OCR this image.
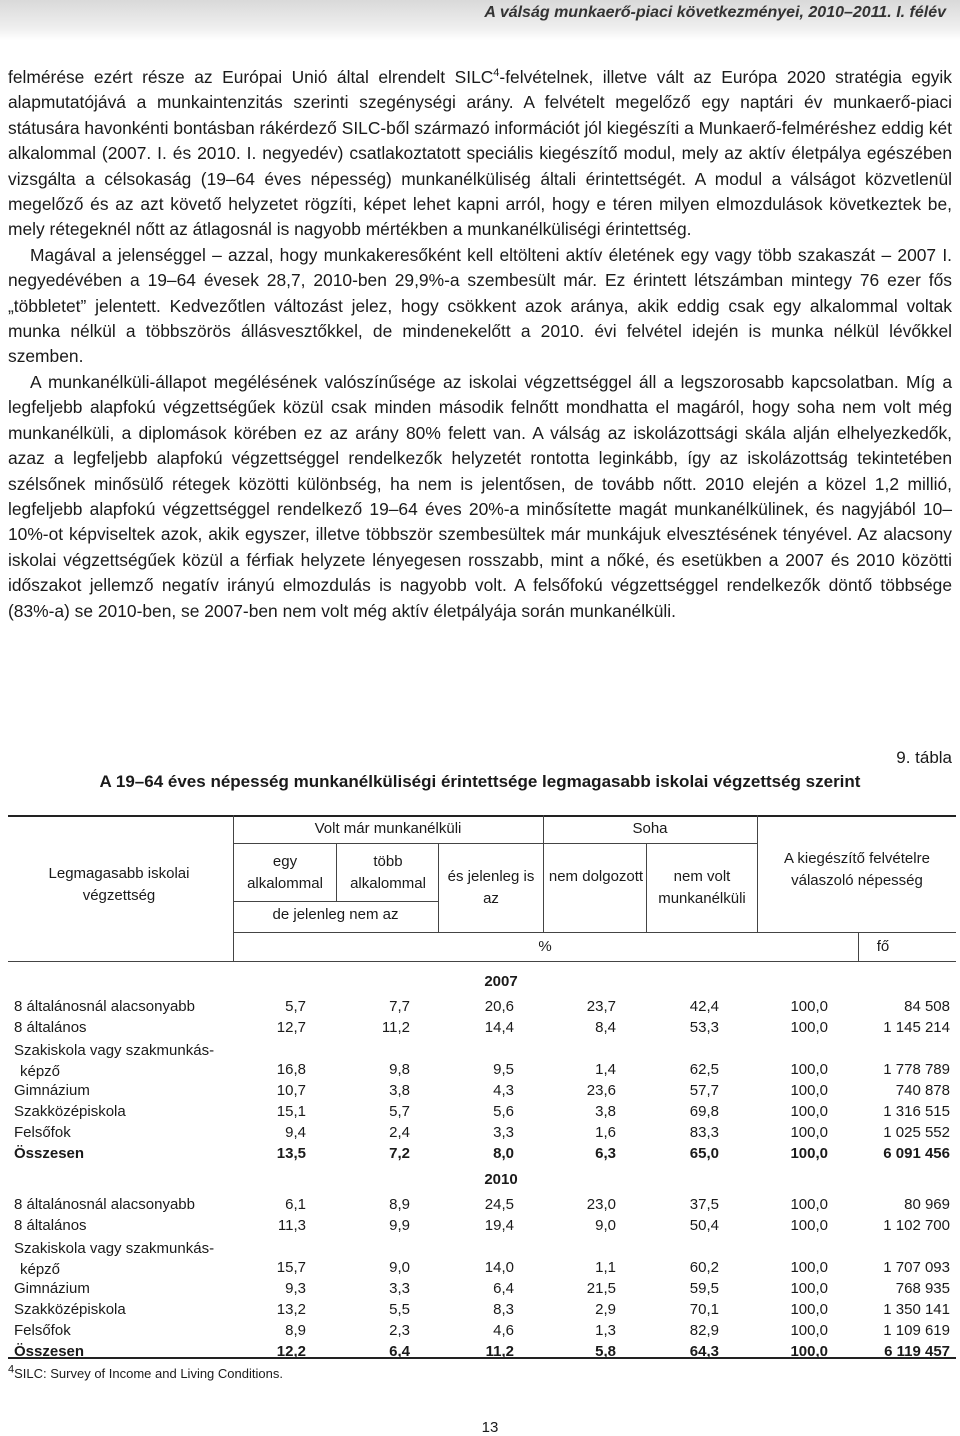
A válság munkaerő-piaci következményei, 2010–2011. I. félév

felmérése ezért része az Európai Unió által elrendelt SILC$^4$-felvételnek, illetve vált az Európa 2020 stratégia egyik alapmutatójává a munkaintenzitás szerinti szegénységi arány. A felvételt megelőző egy naptári év munkaerő-piaci státusára havonkénti bontásban rákérdező SILC-ből származó információt jól kiegészíti a Munkaerő-felméréshez eddig két alkalommal (2007. I. és 2010. I. negyedév) csatlakoztatott speciális kiegészítő modul, mely az aktív életpálya egészében vizsgálta a célsokaság (19–64 éves népesség) munkanélküliség általi érintettségét. A modul a válságot közvetlenül megelőző és az azt követő helyzetet rögzíti, képet lehet kapni arról, hogy e téren milyen elmozdulások következtek be, mely rétegeknél nőtt az átlagosnál is nagyobb mértékben a munkanélküliségi érintettség.

Magával a jelenséggel – azzal, hogy munkakeresőként kell eltölteni aktív életének egy vagy több szakaszát – 2007 I. negyedévében a 19–64 évesek 28,7, 2010-ben 29,9%-a szembesült már. Ez érintett létszámban mintegy 76 ezer fős „többletet” jelentett. Kedvezőtlen változást jelez, hogy csökkent azok aránya, akik eddig csak egy alkalommal voltak munka nélkül a többszörös állásvesztőkkel, de mindenekelőtt a 2010. évi felvétel idején is munka nélkül lévőkkel szemben.

A munkanélküli-állapot megélésének valószínűsége az iskolai végzettséggel áll a legszorosabb kapcsolatban. Míg a legfeljebb alapfokú végzettségűek közül csak minden második felnőtt mondhatta el magáról, hogy soha nem volt még munkanélküli, a diplomások körében ez az arány 80% felett van. A válság az iskolázottsági skála alján elhelyezkedők, azaz a legfeljebb alapfokú végzettséggel rendelkezők helyzetét rontotta leginkább, így az iskolázottság tekintetében szélsőnek minősülő rétegek közötti különbség, ha nem is jelentősen, de tovább nőtt. 2010 elején a közel 1,2 millió, legfeljebb alapfokú végzettséggel rendelkező 19–64 éves 20%-a minősítette magát munkanélkülinek, és nagyjából 10–10%-ot képviseltek azok, akik egyszer, illetve többször szembesültek már munkájuk elvesztésének tényével. Az alacsony iskolai végzettségűek közül a férfiak helyzete lényegesen rosszabb, mint a nőké, és esetükben a 2007 és 2010 közötti időszakot jellemző negatív irányú elmozdulás is nagyobb volt. A felsőfokú végzettséggel rendelkezők döntő többsége (83%-a) se 2010-ben, se 2007-ben nem volt még aktív életpályája során munkanélküli.

9. tábla
A 19–64 éves népesség munkanélküliségi érintettsége legmagasabb iskolai végzettség szerint
Legmagasabb iskolai végzettség
Volt már munkanélküli	Soha
egy alkalommal
több alkalommal	és jelenleg is az
nem dolgozott	nem volt munkanélküli
A kiegészítő felvételre válaszoló népesség
de jelenleg nem az
%	fő
2007
8 általánosnál alacsonyabb	5,7	7,7	20,6	23,7	42,4	100,0	84 508
8 általános	12,7	11,2	14,4	8,4	53,3	100,0	1 145 214
Szakiskola vagy szakmunkás-
képző	16,8	9,8	9,5	1,4	62,5	100,0	1 778 789
Gimnázium	10,7	3,8	4,3	23,6	57,7	100,0	740 878
Szakközépiskola	15,1	5,7	5,6	3,8	69,8	100,0	1 316 515
Felsőfok	9,4	2,4	3,3	1,6	83,3	100,0	1 025 552
Összesen	13,5	7,2	8,0	6,3	65,0	100,0	6 091 456
2010
8 általánosnál alacsonyabb	6,1	8,9	24,5	23,0	37,5	100,0	80 969
8 általános	11,3	9,9	19,4	9,0	50,4	100,0	1 102 700
Szakiskola vagy szakmunkás-
képző	15,7	9,0	14,0	1,1	60,2	100,0	1 707 093
Gimnázium	9,3	3,3	6,4	21,5	59,5	100,0	768 935
Szakközépiskola	13,2	5,5	8,3	2,9	70,1	100,0	1 350 141
Felsőfok	8,9	2,3	4,6	1,3	82,9	100,0	1 109 619
Összesen	12,2	6,4	11,2	5,8	64,3	100,0	6 119 457
$^4$SILC: Survey of Income and Living Conditions.
13
